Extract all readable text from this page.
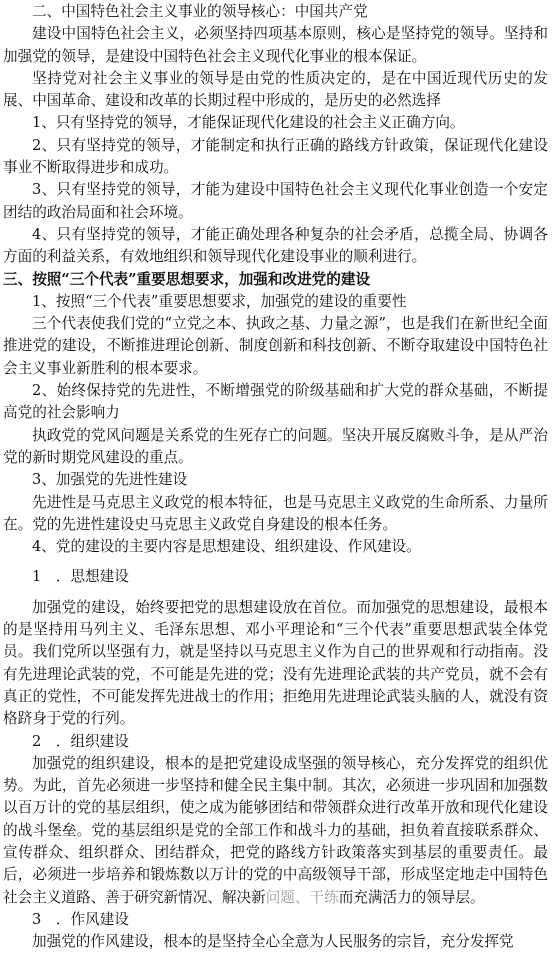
二、中国特色社会主义事业的领导核心：中国共产党

建设中国特色社会主义，必须坚持四项基本原则，核心是坚持党的领导。坚持和加强党的领导，是建设中国特色社会主义现代化事业的根本保证。

坚持党对社会主义事业的领导是由党的性质决定的，是在中国近现代历史的发展、中国革命、建设和改革的长期过程中形成的，是历史的必然选择

1、只有坚持党的领导，才能保证现代化建设的社会主义正确方向。

2、只有坚持党的领导，才能制定和执行正确的路线方针政策，保证现代化建设事业不断取得进步和成功。

3、只有坚持党的领导，才能为建设中国特色社会主义现代化事业创造一个安定团结的政治局面和社会环境。

4、只有坚持党的领导，才能正确处理各种复杂的社会矛盾，总揽全局、协调各方面的利益关系，有效地组织和领导现代化建设事业的顺利进行。

三、按照“三个代表”重要思想要求，加强和改进党的建设

1、按照“三个代表”重要思想要求，加强党的建设的重要性

三个代表使我们党的“立党之本、执政之基、力量之源”，也是我们在新世纪全面推进党的建设，不断推进理论创新、制度创新和科技创新、不断夺取建设中国特色社会主义事业新胜利的根本要求。

2、始终保持党的先进性，不断增强党的阶级基础和扩大党的群众基础，不断提高党的社会影响力

执政党的党风问题是关系党的生死存亡的问题。坚决开展反腐败斗争，是从严治党的新时期党风建设的重点。

3、加强党的先进性建设

先进性是马克思主义政党的根本特征，也是马克思主义政党的生命所系、力量所在。党的先进性建设史马克思主义政党自身建设的根本任务。

4、党的建设的主要内容是思想建设、组织建设、作风建设。

1　．思想建设

加强党的建设，始终要把党的思想建设放在首位。而加强党的思想建设，最根本的是坚持用马列主义、毛泽东思想、邓小平理论和“三个代表”重要思想武装全体党员。我们党所以坚强有力，就是坚持以马克思主义作为自己的世界观和行动指南。没有先进理论武装的党，不可能是先进的党；没有先进理论武装的共产党员，就不会有真正的党性，不可能发挥先进战士的作用；拒绝用先进理论武装头脑的人，就没有资格跻身于党的行列。

2　．组织建设

加强党的组织建设，根本的是把党建设成坚强的领导核心，充分发挥党的组织优势。为此，首先必须进一步坚持和健全民主集中制。其次，必须进一步巩固和加强数以百万计的党的基层组织，使之成为能够团结和带领群众进行改革开放和现代化建设的战斗堡垒。党的基层组织是党的全部工作和战斗力的基础，担负着直接联系群众、宣传群众、组织群众、团结群众，把党的路线方针政策落实到基层的重要责任。最后，必须进一步培养和锻炼数以万计的党的中高级领导干部，形成坚定地走中国特色社会主义道路、善于研究新情况、解决新问题、干练而充满活力的领导层。

3　．作风建设

加强党的作风建设，根本的是坚持全心全意为人民服务的宗旨，充分发挥党
